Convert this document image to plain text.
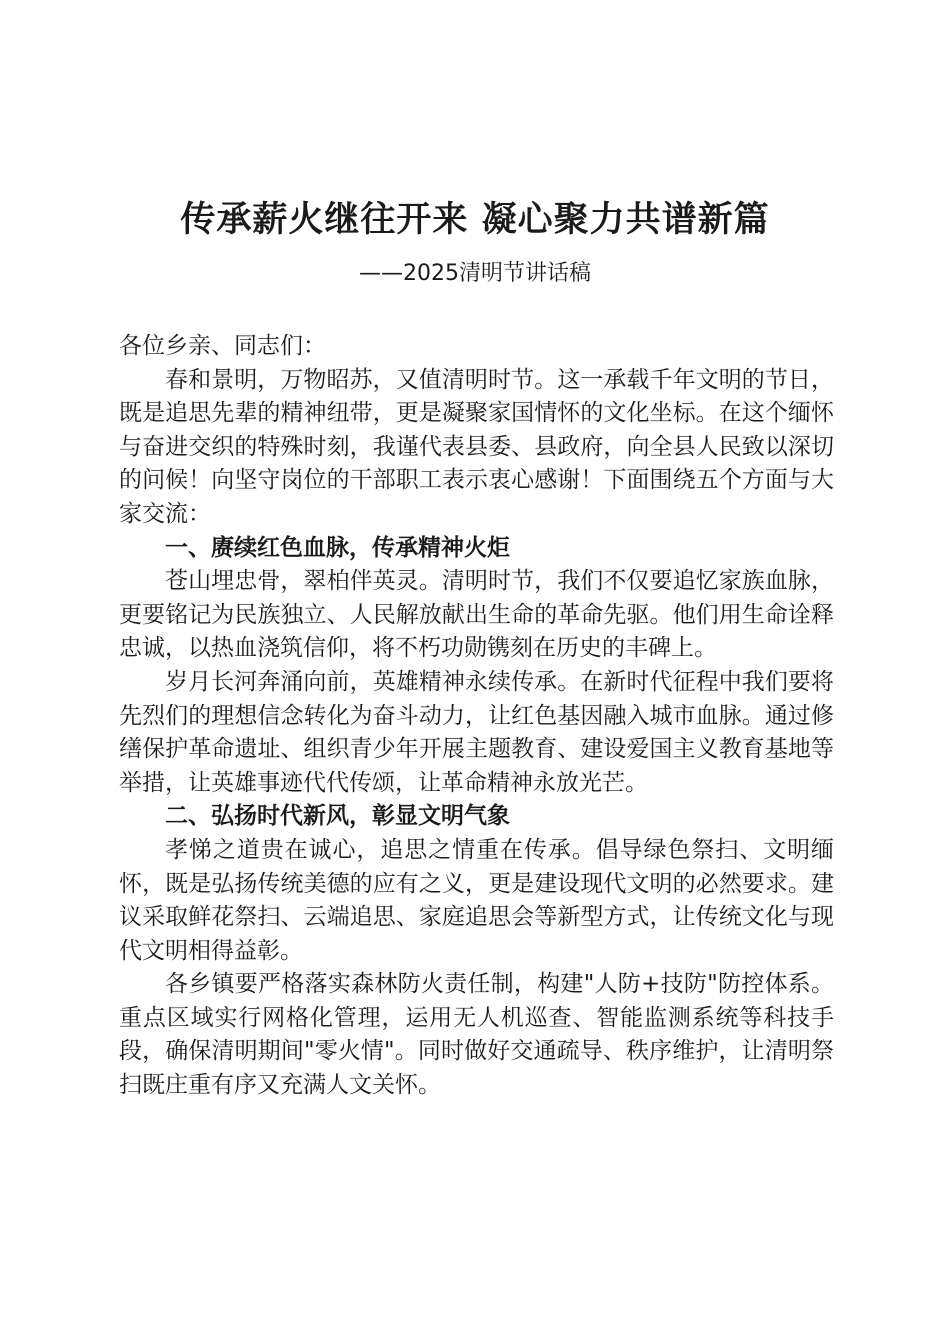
传承薪火继往开来 凝心聚力共谱新篇

——2025清明节讲话稿

各位乡亲、同志们：

春和景明，万物昭苏，又值清明时节。这一承载千年文明的节日，既是追思先辈的精神纽带，更是凝聚家国情怀的文化坐标。在这个缅怀与奋进交织的特殊时刻，我谨代表县委、县政府，向全县人民致以深切的问候！向坚守岗位的干部职工表示衷心感谢！下面围绕五个方面与大家交流：

一、赓续红色血脉，传承精神火炬

苍山埋忠骨，翠柏伴英灵。清明时节，我们不仅要追忆家族血脉，更要铭记为民族独立、人民解放献出生命的革命先驱。他们用生命诠释忠诚，以热血浇筑信仰，将不朽功勋镌刻在历史的丰碑上。

岁月长河奔涌向前，英雄精神永续传承。在新时代征程中我们要将先烈们的理想信念转化为奋斗动力，让红色基因融入城市血脉。通过修缮保护革命遗址、组织青少年开展主题教育、建设爱国主义教育基地等举措，让英雄事迹代代传颂，让革命精神永放光芒。

二、弘扬时代新风，彰显文明气象

孝悌之道贵在诚心，追思之情重在传承。倡导绿色祭扫、文明缅怀，既是弘扬传统美德的应有之义，更是建设现代文明的必然要求。建议采取鲜花祭扫、云端追思、家庭追思会等新型方式，让传统文化与现代文明相得益彰。

各乡镇要严格落实森林防火责任制，构建"人防+技防"防控体系。重点区域实行网格化管理，运用无人机巡查、智能监测系统等科技手段，确保清明期间"零火情"。同时做好交通疏导、秩序维护，让清明祭扫既庄重有序又充满人文关怀。
